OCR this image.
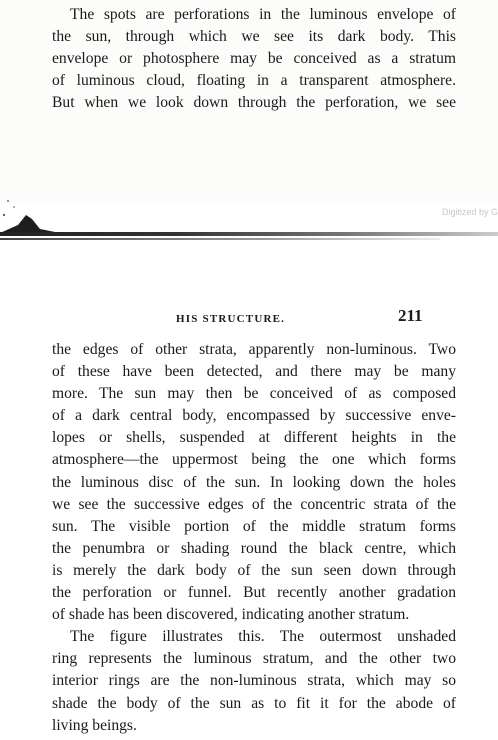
The spots are perforations in the luminous envelope of
the sun, through which we see its dark body. This
envelope or photosphere may be conceived as a stratum
of luminous cloud, floating in a transparent atmosphere.
But when we look down through the perforation, we see
Digitized by G
HIS STRUCTURE.	211
the edges of other strata, apparently non-luminous. Two
of these have been detected, and there may be many
more. The sun may then be conceived of as composed
of a dark central body, encompassed by successive enve-
lopes or shells, suspended at different heights in the
atmosphere—the uppermost being the one which forms
the luminous disc of the sun. In looking down the holes
we see the successive edges of the concentric strata of the
sun. The visible portion of the middle stratum forms
the penumbra or shading round the black centre, which
is merely the dark body of the sun seen down through
the perforation or funnel. But recently another gradation
of shade has been discovered, indicating another stratum.
The figure illustrates this. The outermost unshaded
ring represents the luminous stratum, and the other two
interior rings are the non-luminous strata, which may so
shade the body of the sun as to fit it for the abode of
living beings.
